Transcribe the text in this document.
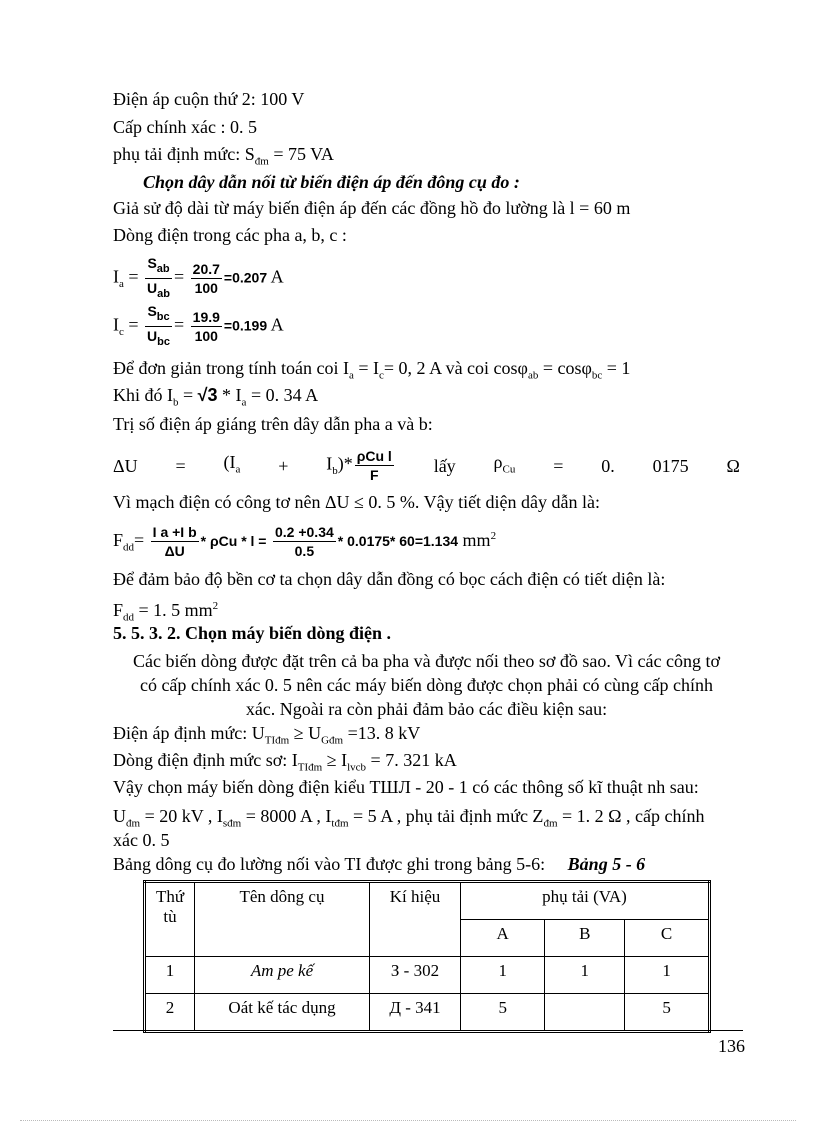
Điện áp cuộn thứ 2: 100 V
Cấp chính xác : 0. 5
phụ tải định mức: $S_{đm} = 75$ VA
Chọn dây dẫn nối từ biến điện áp đến đông cụ đo :
Giả sử độ dài từ máy biến điện áp đến các đồng hồ đo lường là l = 60 m
Dòng điện trong các pha a, b, c :
$I_a = \frac{S_{ab}}{U_{ab}} = \frac{20.7}{100} =0.207$ A
$I_c = \frac{S_{bc}}{U_{bc}} = \frac{19.9}{100} =0.199$ A
Để đơn giản trong tính toán coi $I_a = I_c= 0$, 2 A và coi cosφ$_{ab}$ = cosφ$_{bc}$ = 1
Khi đó $I_b = √3 * I_a = 0$. 34 A
Trị số điện áp giáng trên dây dẫn pha a và b:
$\Delta U = (I_a + I_b)* \frac{\text{ρCu l}}{F}$ lấy $\rho_{Cu} = 0$. 0175 Ω
Vì mạch điện có công tơ nên ΔU ≤ 0. 5 %. Vậy tiết diện dây dẫn là:
$F_{dd}= \frac{\text{I a +I b}}{\Delta U} * \rho Cu * l = \frac{0.2 +0.34}{0.5} * 0.0175*$ 60=1.134 $mm^2$
Để đảm bảo độ bền cơ ta chọn dây dẫn đồng có bọc cách điện có tiết diện là:
$F_{dd} = 1$. 5 $mm^2$
5. 5. 3. 2. Chọn máy biến dòng điện .
Các biến dòng được đặt trên cả ba pha và được nối theo sơ đồ sao. Vì các công tơ
có cấp chính xác 0. 5 nên các máy biến dòng được chọn phải có cùng cấp chính
xác. Ngoài ra còn phải đảm bảo các điều kiện sau:
Điện áp định mức: $U_{TIđm} \ge U_{Gđm} =13$. 8 kV
Dòng điện định mức sơ: $I_{TIđm} \ge I_{lvcb} = 7$. 321 kA
Vậy chọn máy biến dòng điện kiểu ТШЛ - 20 - 1 có các thông số kĩ thuật nh sau:
$U_{đm} = 20$ kV , $I_{sđm} = 8000$ A , $I_{tđm} = 5$ A , phụ tải định mức $Z_{đm} = 1$. 2 Ω , cấp chính
xác 0. 5
Bảng dông cụ đo lường nối vào TI được ghi trong bảng 5-6: Bảng 5 - 6
Thứ tù	Tên dông cụ	Kí hiệu	phụ tải (VA)		
			A	B	C
1	Am pe kế	З - 302	1	1	1
2	Oát kế tác dụng	Д - 341	5		5
136
